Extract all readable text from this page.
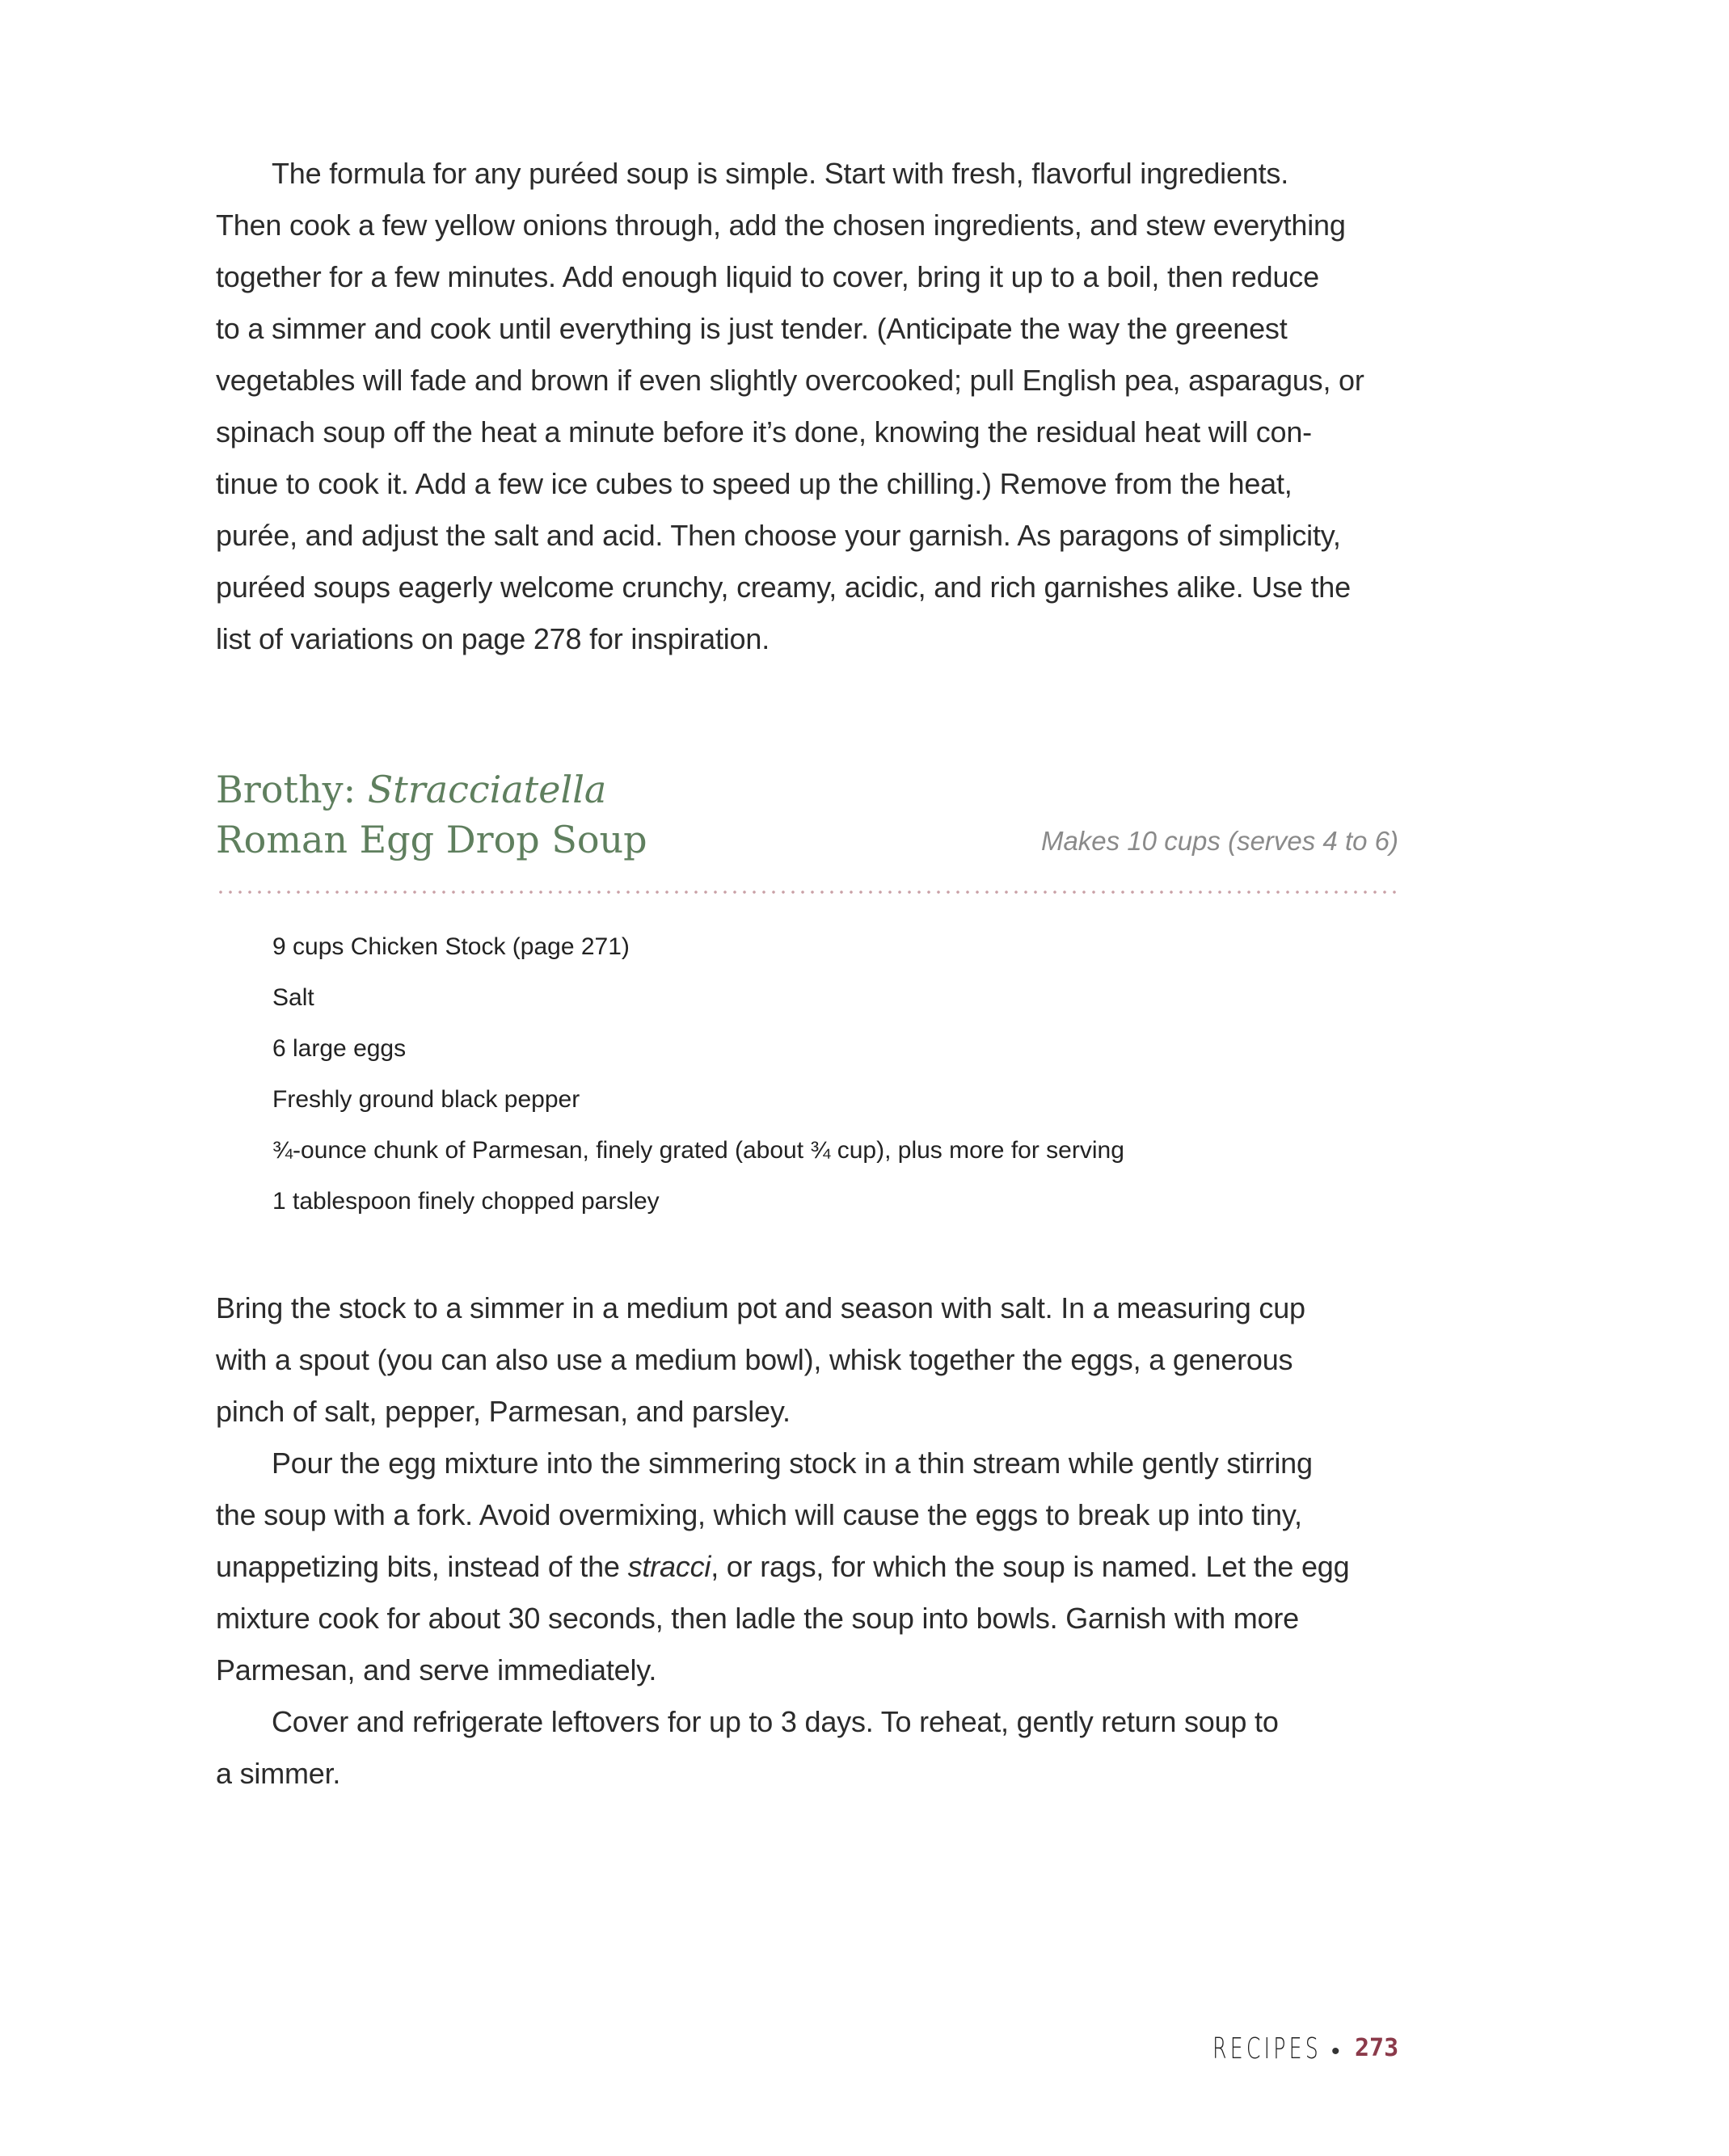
The formula for any puréed soup is simple. Start with fresh, flavorful ingredients.
Then cook a few yellow onions through, add the chosen ingredients, and stew everything
together for a few minutes. Add enough liquid to cover, bring it up to a boil, then reduce
to a simmer and cook until everything is just tender. (Anticipate the way the greenest
vegetables will fade and brown if even slightly overcooked; pull English pea, asparagus, or
spinach soup off the heat a minute before it’s done, knowing the residual heat will con-
tinue to cook it. Add a few ice cubes to speed up the chilling.) Remove from the heat,
purée, and adjust the salt and acid. Then choose your garnish. As paragons of simplicity,
puréed soups eagerly welcome crunchy, creamy, acidic, and rich garnishes alike. Use the
list of variations on page 278 for inspiration.
Brothy: Stracciatella
Roman Egg Drop Soup	Makes 10 cups (serves 4 to 6)
9 cups Chicken Stock (page 271)
Salt
6 large eggs
Freshly ground black pepper
¾-ounce chunk of Parmesan, finely grated (about ¾ cup), plus more for serving
1 tablespoon finely chopped parsley
Bring the stock to a simmer in a medium pot and season with salt. In a measuring cup
with a spout (you can also use a medium bowl), whisk together the eggs, a generous
pinch of salt, pepper, Parmesan, and parsley.
Pour the egg mixture into the simmering stock in a thin stream while gently stirring
the soup with a fork. Avoid overmixing, which will cause the eggs to break up into tiny,
unappetizing bits, instead of the stracci, or rags, for which the soup is named. Let the egg
mixture cook for about 30 seconds, then ladle the soup into bowls. Garnish with more
Parmesan, and serve immediately.
Cover and refrigerate leftovers for up to 3 days. To reheat, gently return soup to
a simmer.
RECIPES • 273
